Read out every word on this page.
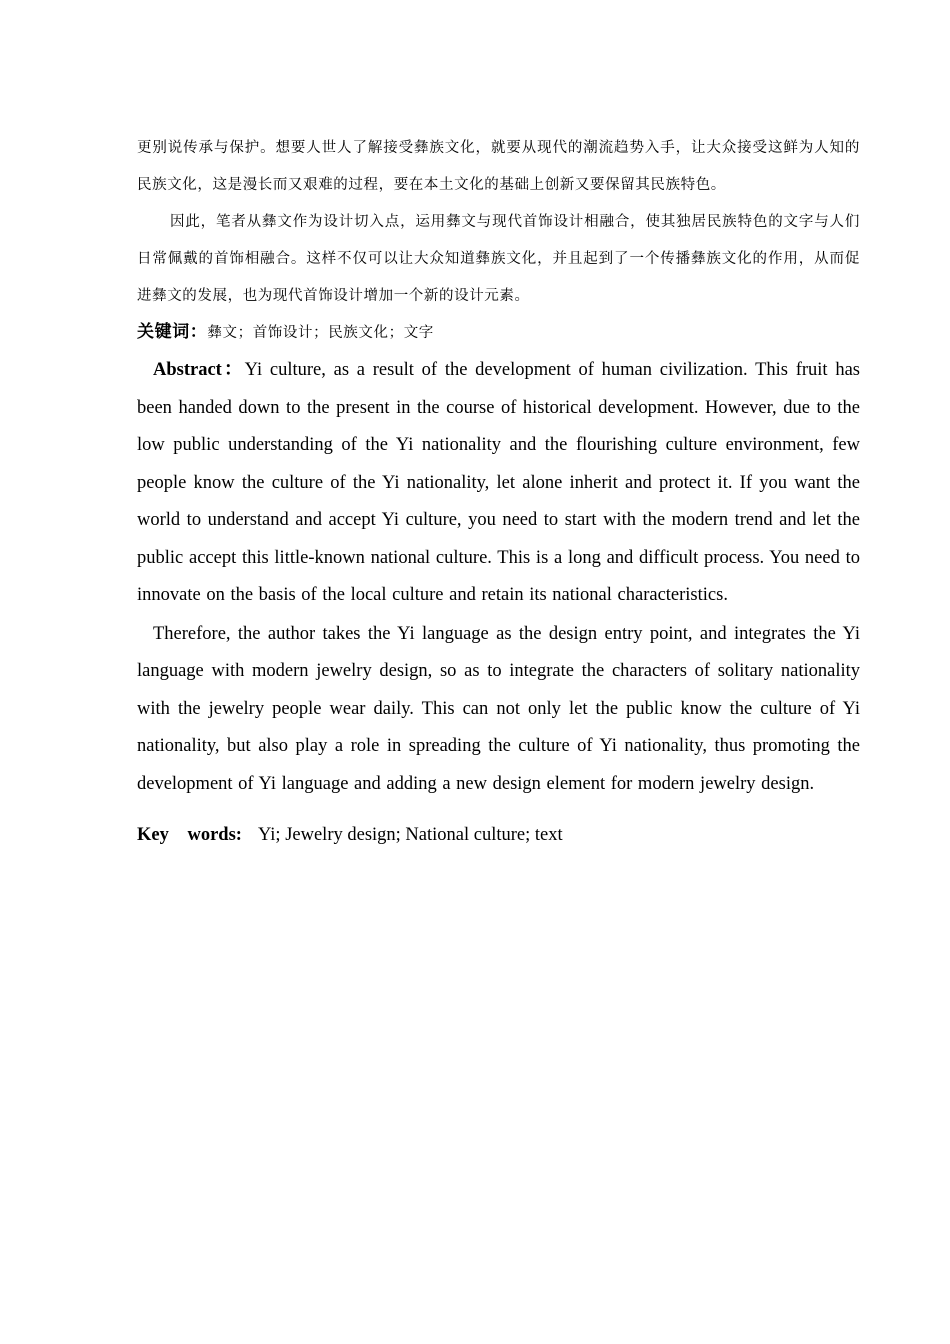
更别说传承与保护。想要人世人了解接受彝族文化，就要从现代的潮流趋势入手，让大众接受这鲜为人知的民族文化，这是漫长而又艰难的过程，要在本土文化的基础上创新又要保留其民族特色。

因此，笔者从彝文作为设计切入点，运用彝文与现代首饰设计相融合，使其独居民族特色的文字与人们日常佩戴的首饰相融合。这样不仅可以让大众知道彝族文化，并且起到了一个传播彝族文化的作用，从而促进彝文的发展，也为现代首饰设计增加一个新的设计元素。

关键词：彝文；首饰设计；民族文化；文字

Abstract：Yi culture, as a result of the development of human civilization. This fruit has been handed down to the present in the course of historical development. However, due to the low public understanding of the Yi nationality and the flourishing culture environment, few people know the culture of the Yi nationality, let alone inherit and protect it. If you want the world to understand and accept Yi culture, you need to start with the modern trend and let the public accept this little-known national culture. This is a long and difficult process. You need to innovate on the basis of the local culture and retain its national characteristics.

Therefore, the author takes the Yi language as the design entry point, and integrates the Yi language with modern jewelry design, so as to integrate the characters of solitary nationality with the jewelry people wear daily. This can not only let the public know the culture of Yi nationality, but also play a role in spreading the culture of Yi nationality, thus promoting the development of Yi language and adding a new design element for modern jewelry design.

Key words: Yi; Jewelry design; National culture; text
